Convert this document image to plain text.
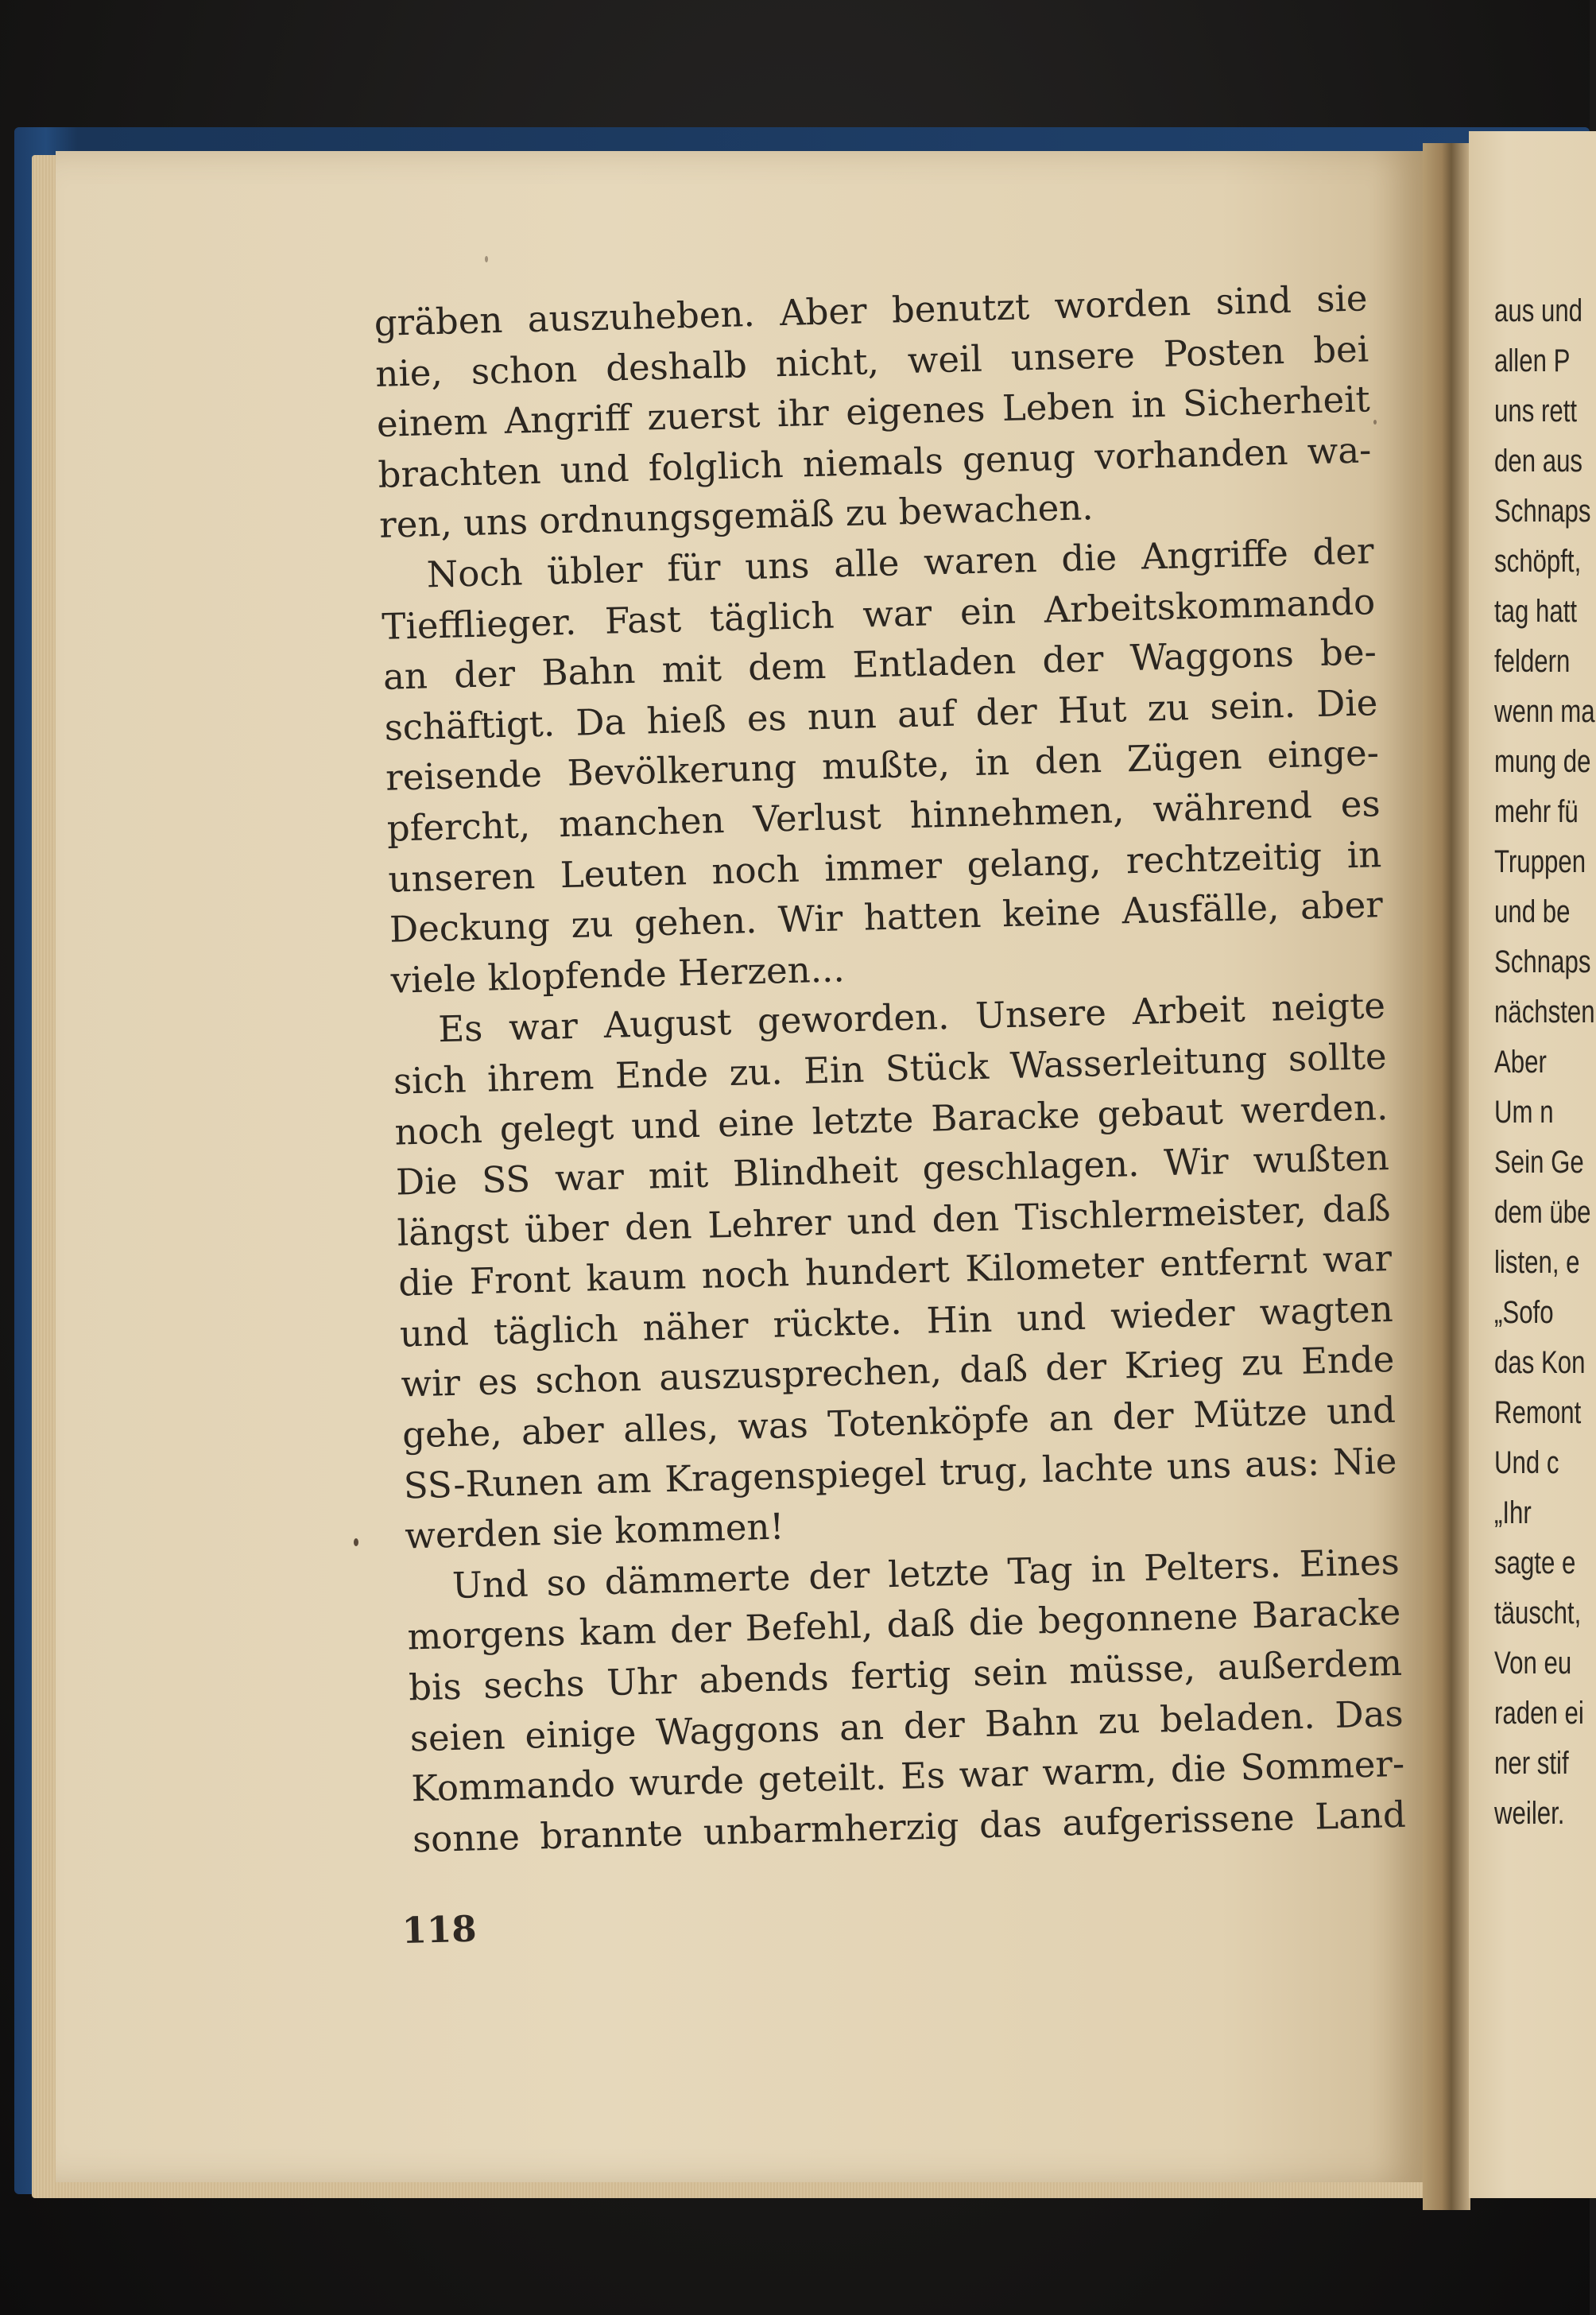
gräben auszuheben. Aber benutzt worden sind sie
nie, schon deshalb nicht, weil unsere Posten bei
einem Angriff zuerst ihr eigenes Leben in Sicherheit
brachten und folglich niemals genug vorhanden wa-
ren, uns ordnungsgemäß zu bewachen.
Noch übler für uns alle waren die Angriffe der
Tiefflieger. Fast täglich war ein Arbeitskommando
an der Bahn mit dem Entladen der Waggons be-
schäftigt. Da hieß es nun auf der Hut zu sein. Die
reisende Bevölkerung mußte, in den Zügen einge-
pfercht, manchen Verlust hinnehmen, während es
unseren Leuten noch immer gelang, rechtzeitig in
Deckung zu gehen. Wir hatten keine Ausfälle, aber
viele klopfende Herzen...
Es war August geworden. Unsere Arbeit neigte
sich ihrem Ende zu. Ein Stück Wasserleitung sollte
noch gelegt und eine letzte Baracke gebaut werden.
Die SS war mit Blindheit geschlagen. Wir wußten
längst über den Lehrer und den Tischlermeister, daß
die Front kaum noch hundert Kilometer entfernt war
und täglich näher rückte. Hin und wieder wagten
wir es schon auszusprechen, daß der Krieg zu Ende
gehe, aber alles, was Totenköpfe an der Mütze und
SS-Runen am Kragenspiegel trug, lachte uns aus: Nie
werden sie kommen!
Und so dämmerte der letzte Tag in Pelters. Eines
morgens kam der Befehl, daß die begonnene Baracke
bis sechs Uhr abends fertig sein müsse, außerdem
seien einige Waggons an der Bahn zu beladen. Das
Kommando wurde geteilt. Es war warm, die Sommer-
sonne brannte unbarmherzig das aufgerissene Land
118
aus und
allen P
uns rett
den aus
Schnaps
schöpft,
tag hatt
feldern
wenn ma
mung de
mehr fü
Truppen
und be
Schnaps
nächsten
Aber
Um n
Sein Ge
dem übe
listen, e
„Sofo
das Kon
Remont
Und c
„Ihr
sagte e
täuscht,
Von eu
raden ei
ner stif
weiler.
